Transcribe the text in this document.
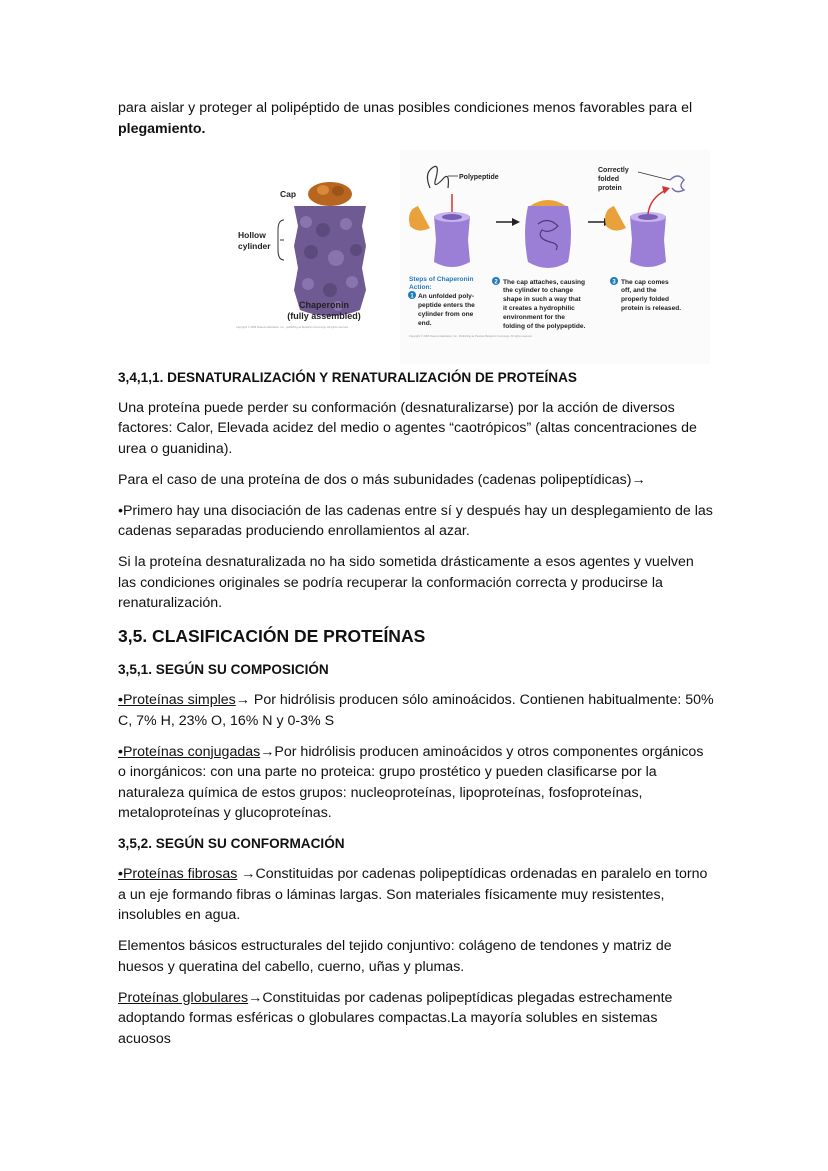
para aislar y proteger al polipéptido de unas posibles condiciones menos favorables para el plegamiento.

Cap
Hollow
cylinder
Chaperonin
(fully assembled)
Copyright © 2006 Pearson Education, Inc., publishing as Benjamin Cummings. All rights reserved.
Polypeptide
Correctly
folded
protein
Steps of Chaperonin
Action:
1 An unfolded poly-
peptide enters the
cylinder from one
end.
2 The cap attaches, causing
the cylinder to change
shape in such a way that
it creates a hydrophilic
environment for the
folding of the polypeptide.
3 The cap comes
off, and the
properly folded
protein is released.
Copyright © 2006 Pearson Education, Inc., Publishing as Pearson Benjamin Cummings. All rights reserved.
3,4,1,1. DESNATURALIZACIÓN Y RENATURALIZACIÓN DE PROTEÍNAS

Una proteína puede perder su conformación (desnaturalizarse) por la acción de diversos factores: Calor, Elevada acidez del medio o agentes “caotrópicos” (altas concentraciones de urea o guanidina).

Para el caso de una proteína de dos o más subunidades (cadenas polipeptídicas)→

•Primero hay una disociación de las cadenas entre sí y después hay un desplegamiento de las cadenas separadas produciendo enrollamientos al azar.

Si la proteína desnaturalizada no ha sido sometida drásticamente a esos agentes y vuelven las condiciones originales se podría recuperar la conformación correcta y producirse la renaturalización.

3,5. CLASIFICACIÓN DE PROTEÍNAS
3,5,1. SEGÚN SU COMPOSICIÓN

•Proteínas simples→ Por hidrólisis producen sólo aminoácidos. Contienen habitualmente: 50% C, 7% H, 23% O, 16% N y 0-3% S

•Proteínas conjugadas→Por hidrólisis producen aminoácidos y otros componentes orgánicos o inorgánicos: con una parte no proteica: grupo prostético y pueden clasificarse por la naturaleza química de estos grupos: nucleoproteínas, lipoproteínas, fosfoproteínas, metaloproteínas y glucoproteínas.

3,5,2. SEGÚN SU CONFORMACIÓN

•Proteínas fibrosas →Constituidas por cadenas polipeptídicas ordenadas en paralelo en torno a un eje formando fibras o láminas largas. Son materiales físicamente muy resistentes, insolubles en agua.

Elementos básicos estructurales del tejido conjuntivo: colágeno de tendones y matriz de huesos y queratina del cabello, cuerno, uñas y plumas.

Proteínas globulares→Constituidas por cadenas polipeptídicas plegadas estrechamente adoptando formas esféricas o globulares compactas.La mayoría solubles en sistemas acuosos
